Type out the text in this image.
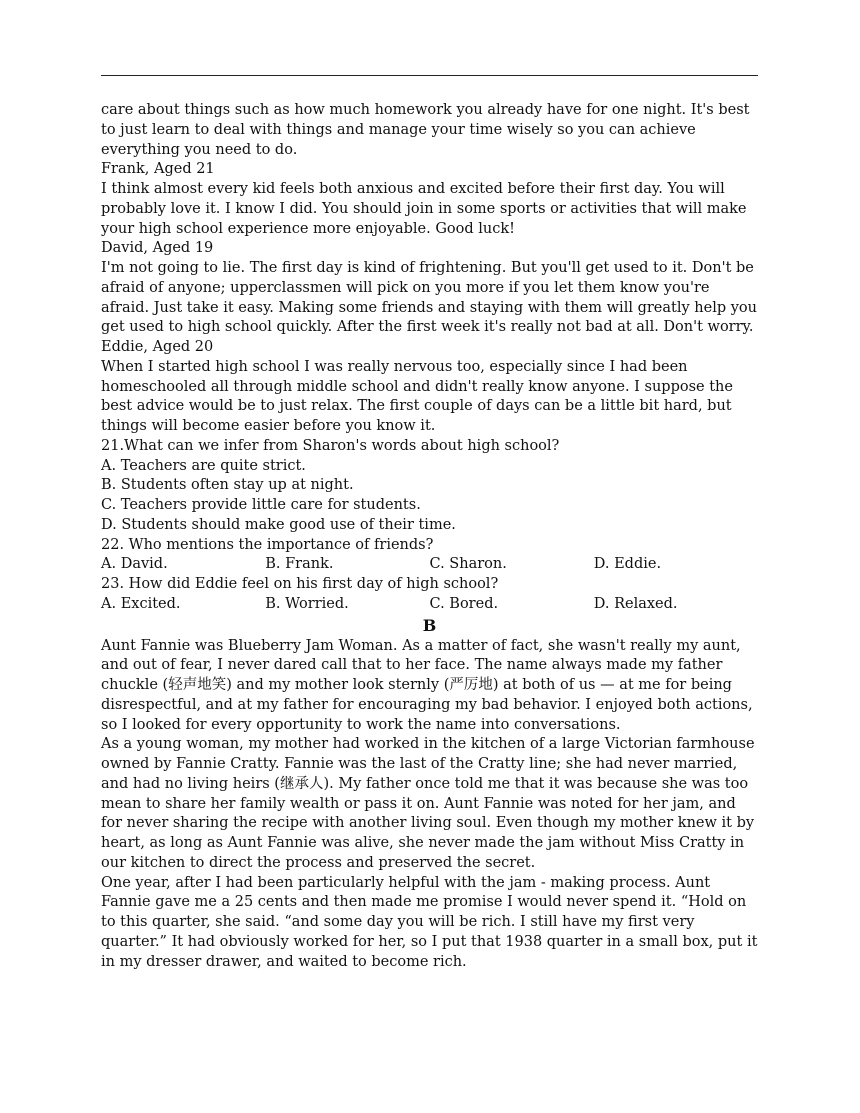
care about things such as how much homework you already have for one night. It's best to just learn to deal with things and manage your time wisely so you can achieve everything you need to do.

Frank, Aged 21

I think almost every kid feels both anxious and excited before their first day. You will probably love it. I know I did. You should join in some sports or activities that will make your high school experience more enjoyable. Good luck!

David, Aged 19

I'm not going to lie. The first day is kind of frightening. But you'll get used to it. Don't be afraid of anyone; upperclassmen will pick on you more if you let them know you're afraid. Just take it easy. Making some friends and staying with them will greatly help you get used to high school quickly. After the first week it's really not bad at all. Don't worry.

Eddie, Aged 20

When I started high school I was really nervous too, especially since I had been homeschooled all through middle school and didn't really know anyone. I suppose the best advice would be to just relax. The first couple of days can be a little bit hard, but things will become easier before you know it.

21.What can we infer from Sharon's words about high school?

A. Teachers are quite strict.

B. Students often stay up at night.

C. Teachers provide little care for students.

D. Students should make good use of their time.

22. Who mentions the importance of friends?

A. David.	B. Frank.	C. Sharon.	D. Eddie.

23. How did Eddie feel on his first day of high school?

A. Excited.	B. Worried.	C. Bored.	D. Relaxed.
B

Aunt Fannie was Blueberry Jam Woman. As a matter of fact, she wasn't really my aunt, and out of fear, I never dared call that to her face. The name always made my father chuckle (轻声地笑) and my mother look sternly (严厉地) at both of us — at me for being disrespectful, and at my father for encouraging my bad behavior. I enjoyed both actions, so I looked for every opportunity to work the name into conversations.

As a young woman, my mother had worked in the kitchen of a large Victorian farmhouse owned by Fannie Cratty. Fannie was the last of the Cratty line; she had never married, and had no living heirs (继承人). My father once told me that it was because she was too mean to share her family wealth or pass it on. Aunt Fannie was noted for her jam, and for never sharing the recipe with another living soul. Even though my mother knew it by heart, as long as Aunt Fannie was alive, she never made the jam without Miss Cratty in our kitchen to direct the process and preserved the secret.

One year, after I had been particularly helpful with the jam - making process. Aunt Fannie gave me a 25 cents and then made me promise I would never spend it. “Hold on to this quarter, she said. “and some day you will be rich. I still have my first very quarter.” It had obviously worked for her, so I put that 1938 quarter in a small box, put it in my dresser drawer, and waited to become rich.
